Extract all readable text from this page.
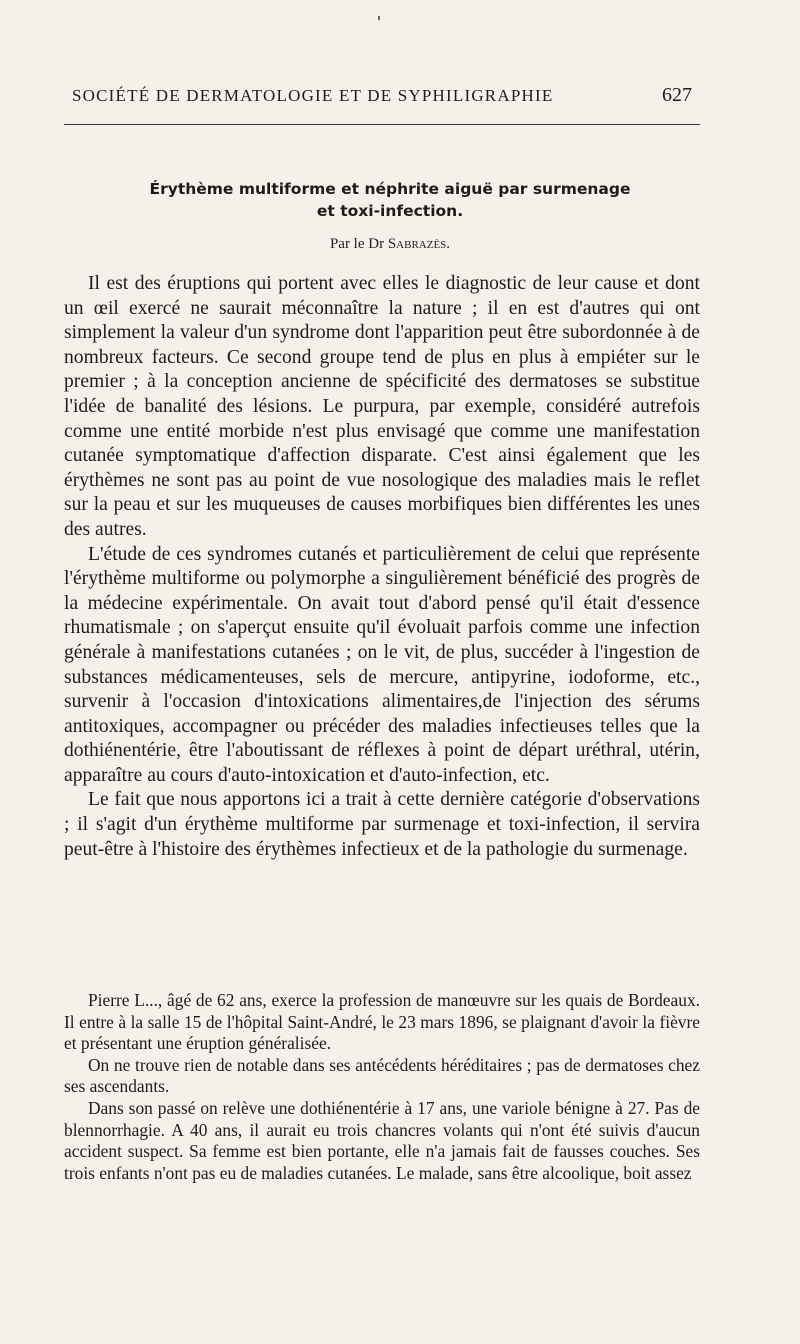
SOCIÉTÉ DE DERMATOLOGIE ET DE SYPHILIGRAPHIE	627
Érythème multiforme et néphrite aiguë par surmenage
et toxi-infection.
Par le Dr Sabrazès.

Il est des éruptions qui portent avec elles le diagnostic de leur cause et dont un œil exercé ne saurait méconnaître la nature ; il en est d'autres qui ont simplement la valeur d'un syndrome dont l'apparition peut être subordonnée à de nombreux facteurs. Ce second groupe tend de plus en plus à empiéter sur le premier ; à la conception ancienne de spécificité des dermatoses se substitue l'idée de banalité des lésions. Le purpura, par exemple, considéré autrefois comme une entité morbide n'est plus envisagé que comme une manifestation cutanée symptomatique d'affection disparate. C'est ainsi également que les érythèmes ne sont pas au point de vue nosologique des maladies mais le reflet sur la peau et sur les muqueuses de causes morbifiques bien différentes les unes des autres.

L'étude de ces syndromes cutanés et particulièrement de celui que représente l'érythème multiforme ou polymorphe a singulièrement bénéficié des progrès de la médecine expérimentale. On avait tout d'abord pensé qu'il était d'essence rhumatismale ; on s'aperçut ensuite qu'il évoluait parfois comme une infection générale à manifestations cutanées ; on le vit, de plus, succéder à l'ingestion de substances médicamenteuses, sels de mercure, antipyrine, iodoforme, etc., survenir à l'occasion d'intoxications alimentaires,de l'injection des sérums antitoxiques, accompagner ou précéder des maladies infectieuses telles que la dothiénentérie, être l'aboutissant de réflexes à point de départ uréthral, utérin, apparaître au cours d'auto-intoxication et d'auto-infection, etc.

Le fait que nous apportons ici a trait à cette dernière catégorie d'observations ; il s'agit d'un érythème multiforme par surmenage et toxi-infection, il servira peut-être à l'histoire des érythèmes infectieux et de la pathologie du surmenage.

Pierre L..., âgé de 62 ans, exerce la profession de manœuvre sur les quais de Bordeaux. Il entre à la salle 15 de l'hôpital Saint-André, le 23 mars 1896, se plaignant d'avoir la fièvre et présentant une éruption généralisée.

On ne trouve rien de notable dans ses antécédents héréditaires ; pas de dermatoses chez ses ascendants.

Dans son passé on relève une dothiénentérie à 17 ans, une variole bénigne à 27. Pas de blennorrhagie. A 40 ans, il aurait eu trois chancres volants qui n'ont été suivis d'aucun accident suspect. Sa femme est bien portante, elle n'a jamais fait de fausses couches. Ses trois enfants n'ont pas eu de maladies cutanées. Le malade, sans être alcoolique, boit assez
